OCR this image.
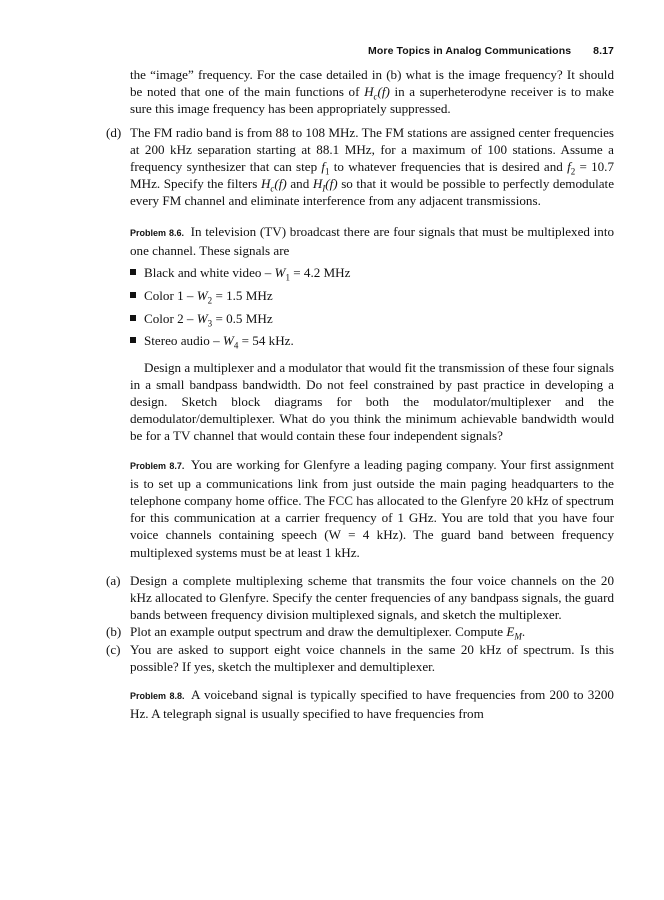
More Topics in Analog Communications 8.17

the “image” frequency. For the case detailed in (b) what is the image frequency? It should be noted that one of the main functions of $H_c(f)$ in a superheterodyne receiver is to make sure this image frequency has been appropriately suppressed.

(d) The FM radio band is from 88 to 108 MHz. The FM stations are assigned center frequencies at 200 kHz separation starting at 88.1 MHz, for a maximum of 100 stations. Assume a frequency synthesizer that can step $f_1$ to whatever frequencies that is desired and $f_2 = 10.7$ MHz. Specify the filters $H_c(f)$ and $H_I(f)$ so that it would be possible to perfectly demodulate every FM channel and eliminate interference from any adjacent transmissions.

Problem 8.6. In television (TV) broadcast there are four signals that must be multiplexed into one channel. These signals are

Black and white video – $W_1 = 4.2$ MHz
Color $1 - W_2 = 1.5$ MHz
Color $2 - W_3 = 0.5$ MHz
Stereo audio – $W_4 = 54$ kHz.

Design a multiplexer and a modulator that would fit the transmission of these four signals in a small bandpass bandwidth. Do not feel constrained by past practice in developing a design. Sketch block diagrams for both the modulator/multiplexer and the demodulator/demultiplexer. What do you think the minimum achievable bandwidth would be for a TV channel that would contain these four independent signals?

Problem 8.7. You are working for Glenfyre a leading paging company. Your first assignment is to set up a communications link from just outside the main paging headquarters to the telephone company home office. The FCC has allocated to the Glenfyre 20 kHz of spectrum for this communication at a carrier frequency of 1 GHz. You are told that you have four voice channels containing speech (W = 4 kHz). The guard band between frequency multiplexed systems must be at least 1 kHz.

(a) Design a complete multiplexing scheme that transmits the four voice channels on the 20 kHz allocated to Glenfyre. Specify the center frequencies of any bandpass signals, the guard bands between frequency division multiplexed signals, and sketch the multiplexer.
(b) Plot an example output spectrum and draw the demultiplexer. Compute $E_M$.
(c) You are asked to support eight voice channels in the same 20 kHz of spectrum. Is this possible? If yes, sketch the multiplexer and demultiplexer.

Problem 8.8. A voiceband signal is typically specified to have frequencies from 200 to 3200 Hz. A telegraph signal is usually specified to have frequencies from
